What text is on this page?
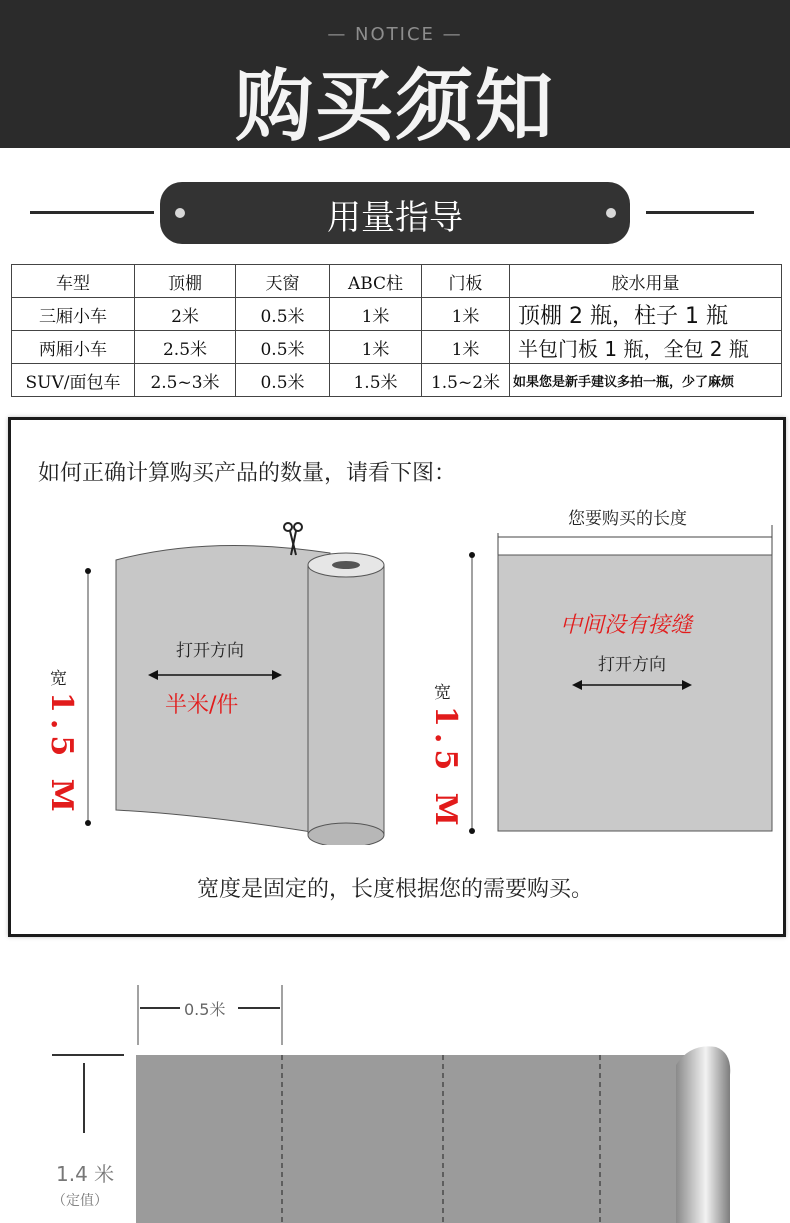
— NOTICE —
购买须知
用量指导
车型	顶棚	天窗	ABC柱	门板	胶水用量
三厢小车	2米	0.5米	1米	1米	顶棚 2 瓶，柱子 1 瓶
两厢小车	2.5米	0.5米	1米	1米	半包门板 1 瓶，全包 2 瓶
SUV/面包车	2.5~3米	0.5米	1.5米	1.5~2米	如果您是新手建议多拍一瓶，少了麻烦
如何正确计算购买产品的数量，请看下图：
打开方向
半米/件
宽
1.5 M
您要购买的长度
中间没有接缝
打开方向
宽
1.5 M
宽度是固定的，长度根据您的需要购买。
0.5米
1.4 米
（定值）
